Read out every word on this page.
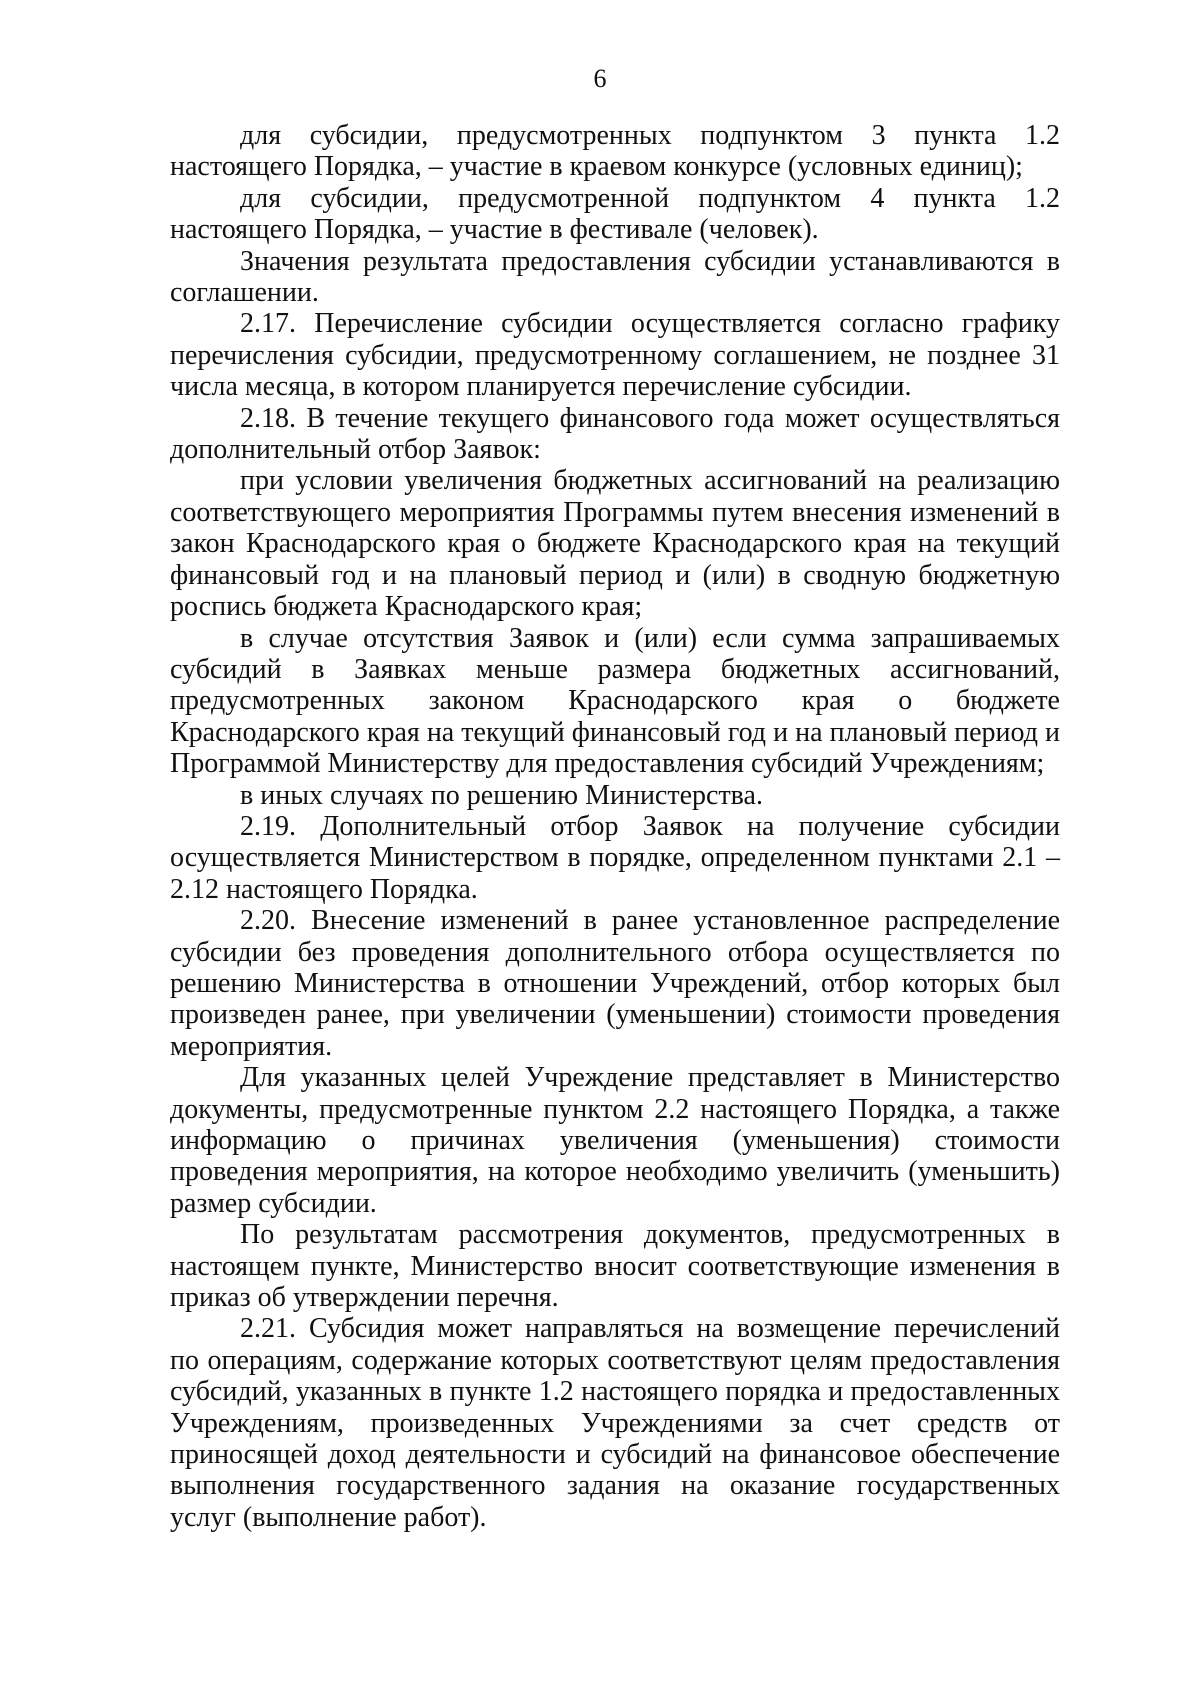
6

для субсидии, предусмотренных подпунктом 3 пункта 1.2 настоящего Порядка, – участие в краевом конкурсе (условных единиц);

для субсидии, предусмотренной подпунктом 4 пункта 1.2 настоящего Порядка, – участие в фестивале (человек).

Значения результата предоставления субсидии устанавливаются в соглашении.

2.17. Перечисление субсидии осуществляется согласно графику перечисления субсидии, предусмотренному соглашением, не позднее 31 числа месяца, в котором планируется перечисление субсидии.

2.18. В течение текущего финансового года может осуществляться дополнительный отбор Заявок:

при условии увеличения бюджетных ассигнований на реализацию соответствующего мероприятия Программы путем внесения изменений в закон Краснодарского края о бюджете Краснодарского края на текущий финансовый год и на плановый период и (или) в сводную бюджетную роспись бюджета Краснодарского края;

в случае отсутствия Заявок и (или) если сумма запрашиваемых субсидий в Заявках меньше размера бюджетных ассигнований, предусмотренных законом Краснодарского края о бюджете Краснодарского края на текущий финансовый год и на плановый период и Программой Министерству для предоставления субсидий Учреждениям;

в иных случаях по решению Министерства.

2.19. Дополнительный отбор Заявок на получение субсидии осуществляется Министерством в порядке, определенном пунктами 2.1 – 2.12 настоящего Порядка.

2.20. Внесение изменений в ранее установленное распределение субсидии без проведения дополнительного отбора осуществляется по решению Министерства в отношении Учреждений, отбор которых был произведен ранее, при увеличении (уменьшении) стоимости проведения мероприятия.

Для указанных целей Учреждение представляет в Министерство документы, предусмотренные пунктом 2.2 настоящего Порядка, а также информацию о причинах увеличения (уменьшения) стоимости проведения мероприятия, на которое необходимо увеличить (уменьшить) размер субсидии.

По результатам рассмотрения документов, предусмотренных в настоящем пункте, Министерство вносит соответствующие изменения в приказ об утверждении перечня.

2.21. Субсидия может направляться на возмещение перечислений по операциям, содержание которых соответствуют целям предоставления субсидий, указанных в пункте 1.2 настоящего порядка и предоставленных Учреждениям, произведенных Учреждениями за счет средств от приносящей доход деятельности и субсидий на финансовое обеспечение выполнения государственного задания на оказание государственных услуг (выполнение работ).
